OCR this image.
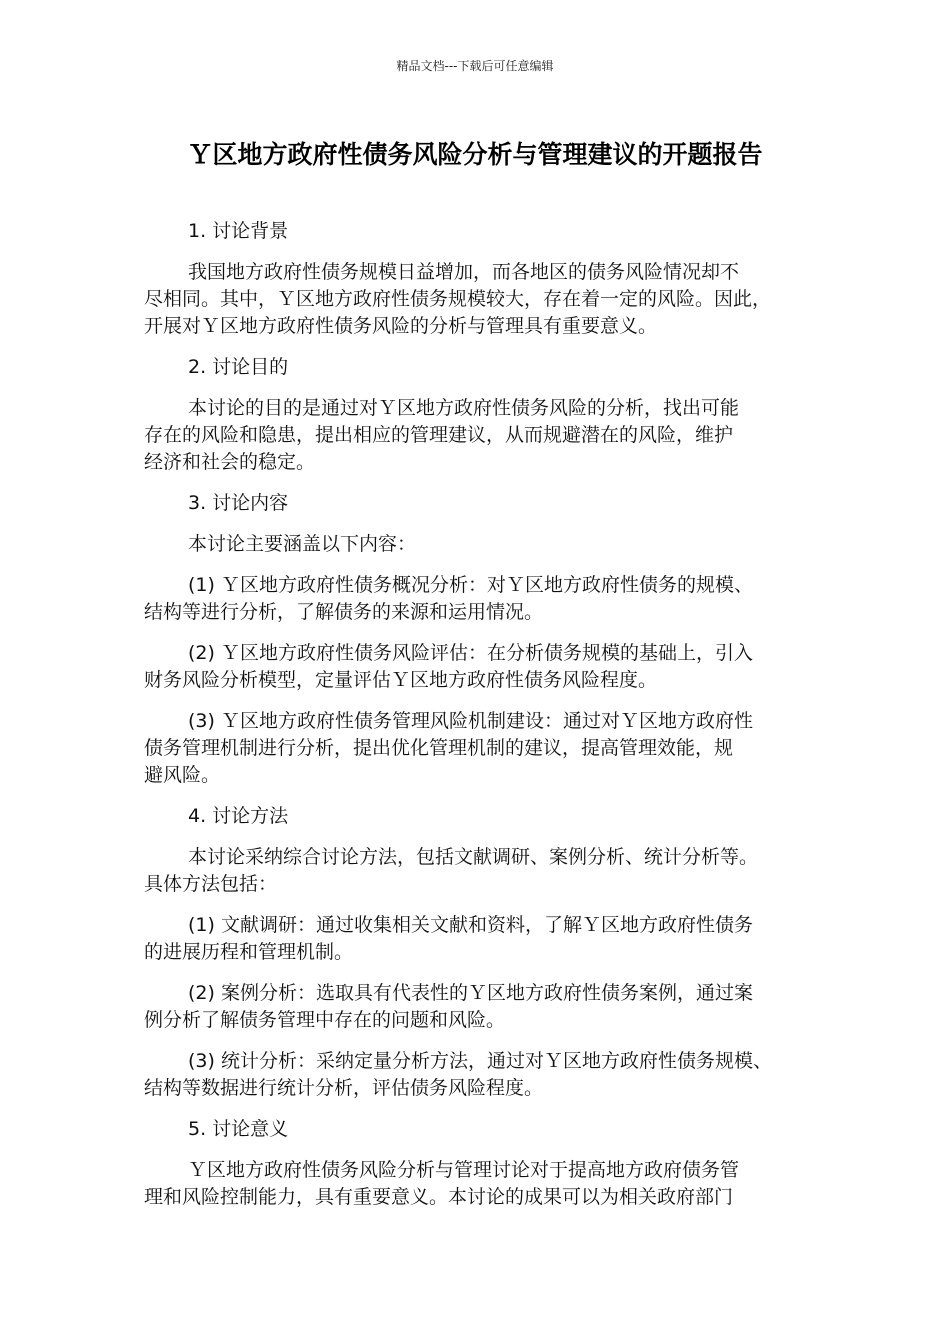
精品文档---下载后可任意编辑
Ｙ区地方政府性债务风险分析与管理建议的开题报告
1. 讨论背景
我国地方政府性债务规模日益增加，而各地区的债务风险情况却不
尽相同。其中，Ｙ区地方政府性债务规模较大，存在着一定的风险。因此，
开展对Ｙ区地方政府性债务风险的分析与管理具有重要意义。
2. 讨论目的
本讨论的目的是通过对Ｙ区地方政府性债务风险的分析，找出可能
存在的风险和隐患，提出相应的管理建议，从而规避潜在的风险，维护
经济和社会的稳定。
3. 讨论内容
本讨论主要涵盖以下内容：
(1) Ｙ区地方政府性债务概况分析：对Ｙ区地方政府性债务的规模、
结构等进行分析，了解债务的来源和运用情况。
(2) Ｙ区地方政府性债务风险评估：在分析债务规模的基础上，引入
财务风险分析模型，定量评估Ｙ区地方政府性债务风险程度。
(3) Ｙ区地方政府性债务管理风险机制建设：通过对Ｙ区地方政府性
债务管理机制进行分析，提出优化管理机制的建议，提高管理效能，规
避风险。
4. 讨论方法
本讨论采纳综合讨论方法，包括文献调研、案例分析、统计分析等。
具体方法包括：
(1) 文献调研：通过收集相关文献和资料，了解Ｙ区地方政府性债务
的进展历程和管理机制。
(2) 案例分析：选取具有代表性的Ｙ区地方政府性债务案例，通过案
例分析了解债务管理中存在的问题和风险。
(3) 统计分析：采纳定量分析方法，通过对Ｙ区地方政府性债务规模、
结构等数据进行统计分析，评估债务风险程度。
5. 讨论意义
Ｙ区地方政府性债务风险分析与管理讨论对于提高地方政府债务管
理和风险控制能力，具有重要意义。本讨论的成果可以为相关政府部门
